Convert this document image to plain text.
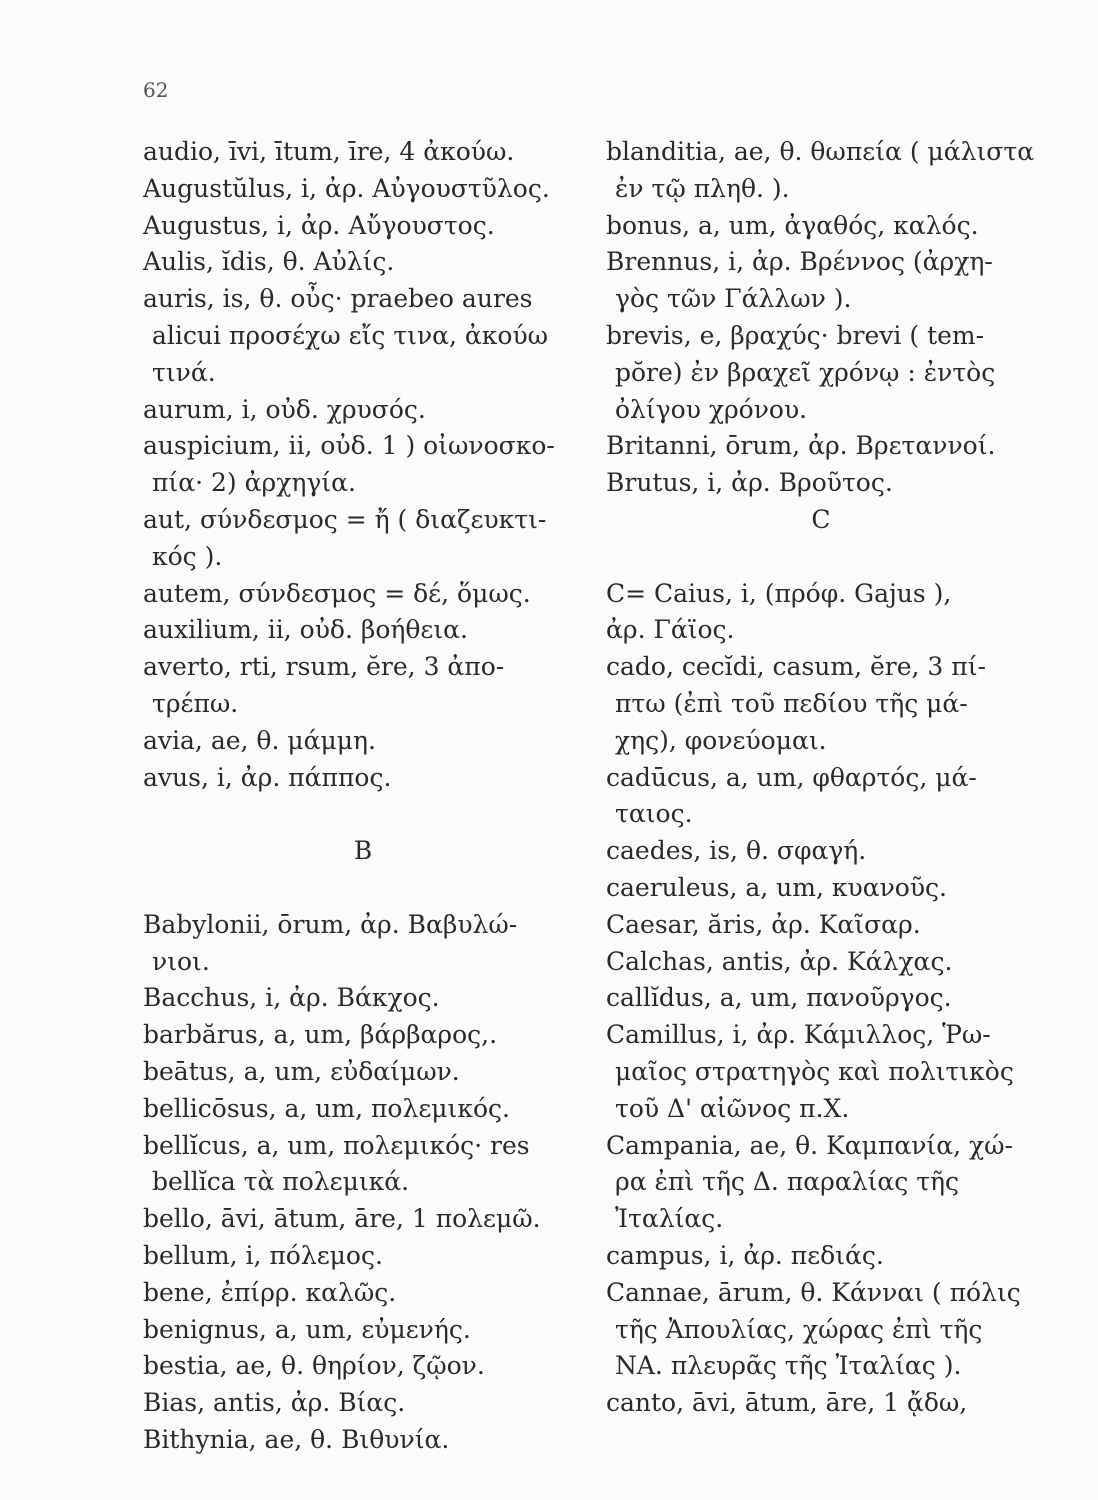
62
audio, īvi, ītum, īre, 4 ἀκούω.
Augustŭlus, i, ἀρ. Αὐγουστῦλος.
Augustus, i, ἀρ. Αὔγουστος.
Aulis, ĭdis, θ. Αὐλίς.
auris, is, θ. οὖς· praebeo aures
alicui προσέχω εἴς τινα, ἀκούω
τινά.
aurum, i, οὐδ. χρυσός.
auspicium, ii, οὐδ. 1 ) οἰωνοσκο-
πία· 2) ἀρχηγία.
aut, σύνδεσμος = ἤ ( διαζευκτι-
κός ).
autem, σύνδεσμος = δέ, ὅμως.
auxilium, ii, οὐδ. βοήθεια.
averto, rti, rsum, ĕre, 3 ἀπο-
τρέπω.
avia, ae, θ. μάμμη.
avus, i, ἀρ. πάππος.
B
Babylonii, ōrum, ἀρ. Βαβυλώ-
νιοι.
Bacchus, i, ἀρ. Βάκχος.
barbărus, a, um, βάρβαρος,.
beātus, a, um, εὐδαίμων.
bellicōsus, a, um, πολεμικός.
bellĭcus, a, um, πολεμικός· res
bellĭca τὰ πολεμικά.
bello, āvi, ātum, āre, 1 πολεμῶ.
bellum, i, πόλεμος.
bene, ἐπίρρ. καλῶς.
benignus, a, um, εὐμενής.
bestia, ae, θ. θηρίον, ζῷον.
Bias, antis, ἀρ. Βίας.
Bithynia, ae, θ. Βιθυνία.
blanditia, ae, θ. θωπεία ( μάλιστα
ἐν τῷ πληθ. ).
bonus, a, um, ἀγαθός, καλός.
Brennus, i, ἀρ. Βρέννος (ἀρχη-
γὸς τῶν Γάλλων ).
brevis, e, βραχύς· brevi ( tem-
pŏre) ἐν βραχεῖ χρόνῳ : ἐντὸς
ὀλίγου χρόνου.
Britanni, ōrum, ἀρ. Βρεταννοί.
Brutus, i, ἀρ. Βροῦτος.
C
C= Caius, i, (πρόφ. Gajus ),
ἀρ. Γάϊος.
cado, cecĭdi, casum, ĕre, 3 πί-
πτω (ἐπὶ τοῦ πεδίου τῆς μά-
χης), φονεύομαι.
cadūcus, a, um, φθαρτός, μά-
ταιος.
caedes, is, θ. σφαγή.
caeruleus, a, um, κυανοῦς.
Caesar, ăris, ἀρ. Καῖσαρ.
Calchas, antis, ἀρ. Κάλχας.
callĭdus, a, um, πανοῦργος.
Camillus, i, ἀρ. Κάμιλλος, Ῥω-
μαῖος στρατηγὸς καὶ πολιτικὸς
τοῦ Δ' αἰῶνος π.Χ.
Campania, ae, θ. Καμπανία, χώ-
ρα ἐπὶ τῆς Δ. παραλίας τῆς
Ἰταλίας.
campus, i, ἀρ. πεδιάς.
Cannae, ārum, θ. Κάνναι ( πόλις
τῆς Ἀπουλίας, χώρας ἐπὶ τῆς
ΝΑ. πλευρᾶς τῆς Ἰταλίας ).
canto, āvi, ātum, āre, 1 ᾄδω,
